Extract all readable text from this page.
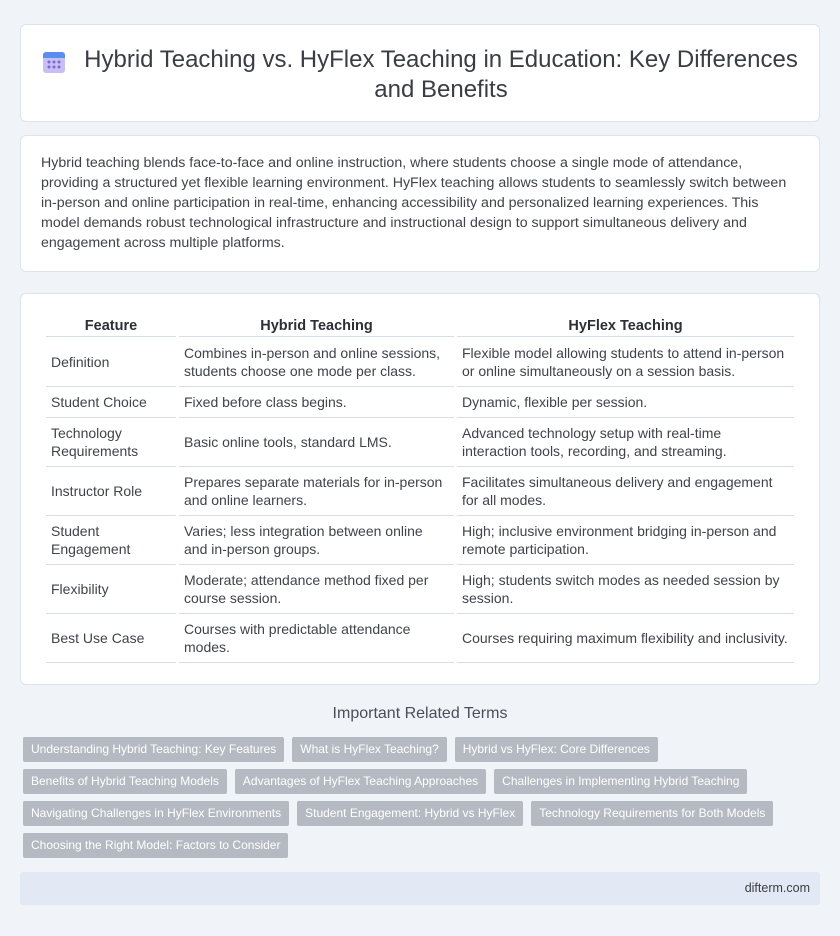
Hybrid Teaching vs. HyFlex Teaching in Education: Key Differences and Benefits

Hybrid teaching blends face-to-face and online instruction, where students choose a single mode of attendance, providing a structured yet flexible learning environment. HyFlex teaching allows students to seamlessly switch between in-person and online participation in real-time, enhancing accessibility and personalized learning experiences. This model demands robust technological infrastructure and instructional design to support simultaneous delivery and engagement across multiple platforms.

Feature	Hybrid Teaching	HyFlex Teaching
Definition	Combines in-person and online sessions, students choose one mode per class.	Flexible model allowing students to attend in-person or online simultaneously on a session basis.
Student Choice	Fixed before class begins.	Dynamic, flexible per session.
Technology Requirements	Basic online tools, standard LMS.	Advanced technology setup with real-time interaction tools, recording, and streaming.
Instructor Role	Prepares separate materials for in-person and online learners.	Facilitates simultaneous delivery and engagement for all modes.
Student Engagement	Varies; less integration between online and in-person groups.	High; inclusive environment bridging in-person and remote participation.
Flexibility	Moderate; attendance method fixed per course session.	High; students switch modes as needed session by session.
Best Use Case	Courses with predictable attendance modes.	Courses requiring maximum flexibility and inclusivity.
Important Related Terms
Understanding Hybrid Teaching: Key Features	What is HyFlex Teaching?	Hybrid vs HyFlex: Core Differences
Benefits of Hybrid Teaching Models	Advantages of HyFlex Teaching Approaches	Challenges in Implementing Hybrid Teaching
Navigating Challenges in HyFlex Environments	Student Engagement: Hybrid vs HyFlex	Technology Requirements for Both Models
Choosing the Right Model: Factors to Consider
difterm.com
